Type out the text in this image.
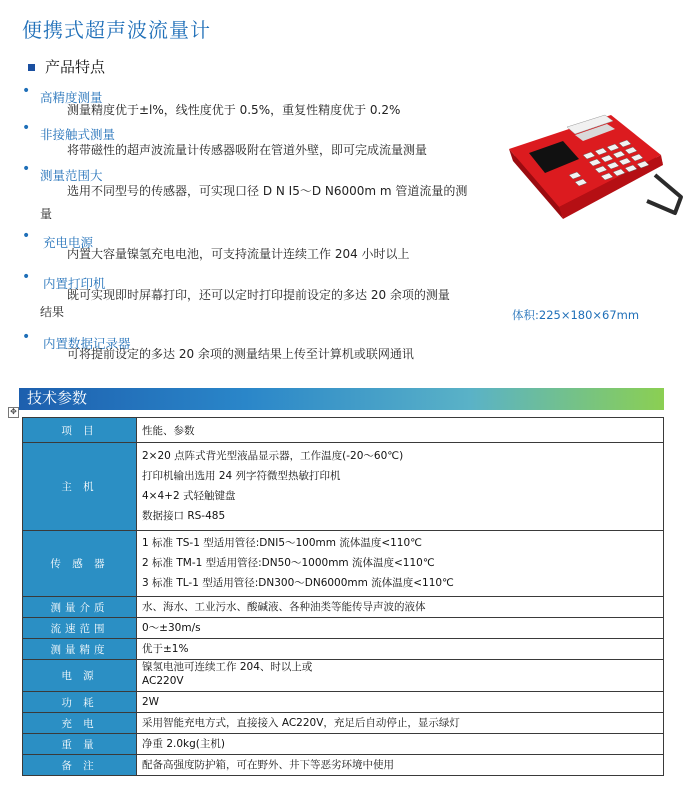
便携式超声波流量计
产品特点
• 高精度测量
测量精度优于±l%，线性度优于 0.5%，重复性精度优于 0.2%
• 非接触式测量
将带磁性的超声波流量计传感器吸附在管道外壁，即可完成流量测量
• 测量范围大
选用不同型号的传感器，可实现口径 D N I5～D N6000m m 管道流量的测
量
• 充电电源
内置大容量镍氢充电电池，可支持流量计连续工作 204 小时以上
• 内置打印机
既可实现即时屏幕打印，还可以定时打印提前设定的多达 20 余项的测量
结果
• 内置数据记录器
可将提前设定的多达 20 余项的测量结果上传至计算机或联网通讯
体积:225×180×67mm
技术参数
✥
项 目	性能、参数
主 机	2×20 点阵式背光型液晶显示器，工作温度(-20～60℃)
打印机输出选用 24 列字符微型热敏打印机
4×4+2 式轻触键盘
数据接口 RS-485

传 感 器	1 标准 TS-1 型适用管径:DNI5～100mm 流体温度<110℃
2 标准 TM-1 型适用管径:DN50～1000mm 流体温度<110℃
3 标准 TL-1 型适用管径:DN300～DN6000mm 流体温度<110℃

测量介质	水、海水、工业污水、酸碱液、各种油类等能传导声波的液体

流速范围	0～±30m/s

测量精度	优于±1%

电 源	镍氢电池可连续工作 204、时以上或
AC220V

功 耗	2W

充 电	采用智能充电方式，直接接入 AC220V，充足后自动停止，显示绿灯

重 量	净重 2.0kg(主机)

备 注	配备高强度防护箱，可在野外、井下等恶劣环境中使用
